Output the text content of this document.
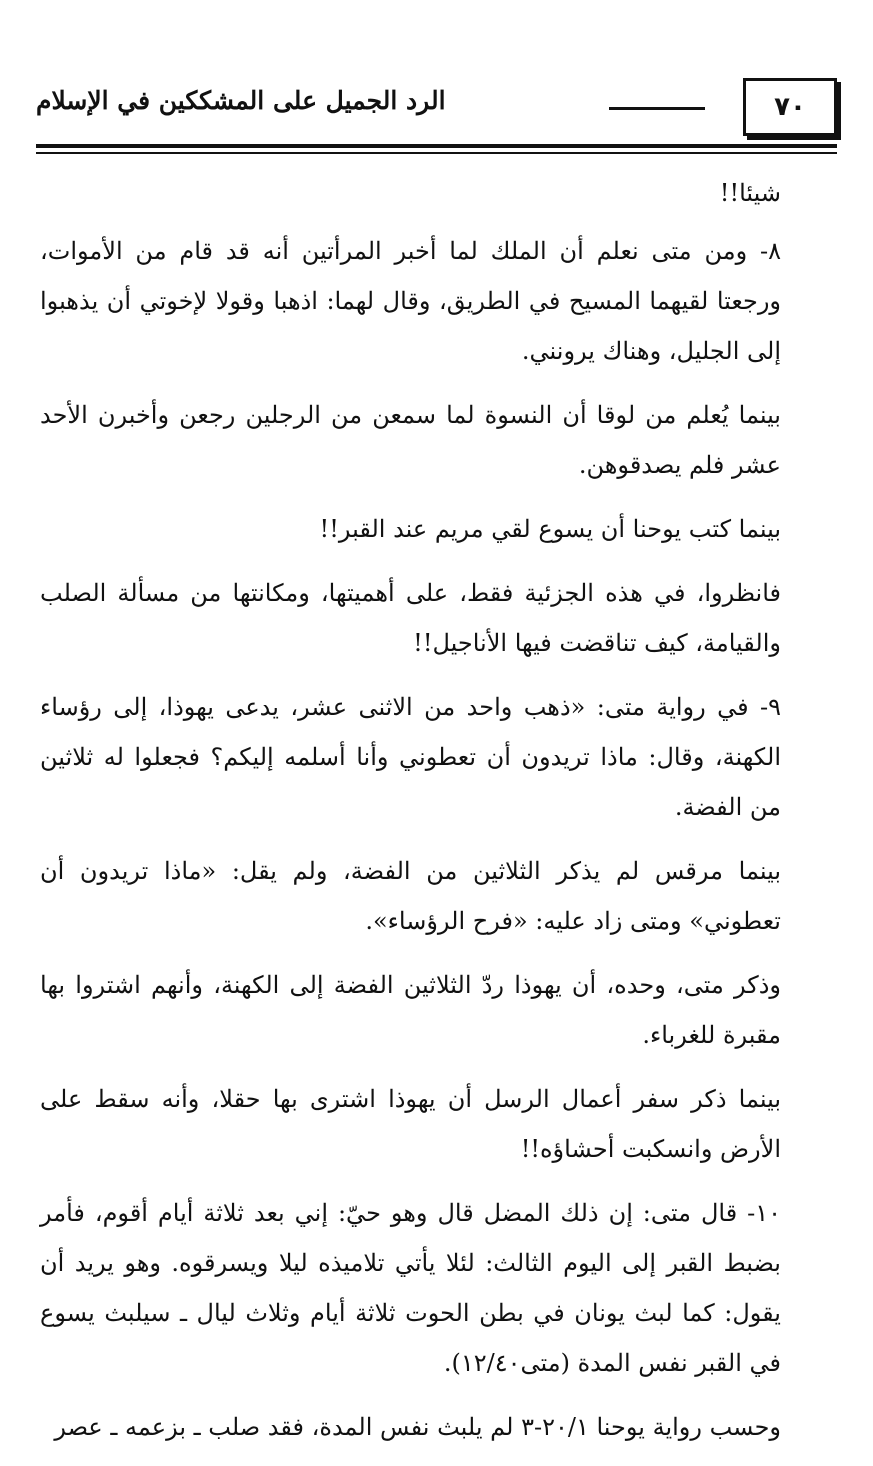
٧٠
الرد الجميل على المشككين في الإسلام

شيئا!!

٨- ومن متى نعلم أن الملك لما أخبر المرأتين أنه قد قام من الأموات، ورجعتا لقيهما المسيح في الطريق، وقال لهما: اذهبا وقولا لإخوتي أن يذهبوا إلى الجليل، وهناك يرونني.

بينما يُعلم من لوقا أن النسوة لما سمعن من الرجلين رجعن وأخبرن الأحد عشر فلم يصدقوهن.

بينما كتب يوحنا أن يسوع لقي مريم عند القبر!!

فانظروا، في هذه الجزئية فقط، على أهميتها، ومكانتها من مسألة الصلب والقيامة، كيف تناقضت فيها الأناجيل!!

٩- في رواية متى: «ذهب واحد من الاثنى عشر، يدعى يهوذا، إلى رؤساء الكهنة، وقال: ماذا تريدون أن تعطوني وأنا أسلمه إليكم؟ فجعلوا له ثلاثين من الفضة.

بينما مرقس لم يذكر الثلاثين من الفضة، ولم يقل: «ماذا تريدون أن تعطوني» ومتى زاد عليه: «فرح الرؤساء».

وذكر متى، وحده، أن يهوذا ردّ الثلاثين الفضة إلى الكهنة، وأنهم اشتروا بها مقبرة للغرباء.

بينما ذكر سفر أعمال الرسل أن يهوذا اشترى بها حقلا، وأنه سقط على الأرض وانسكبت أحشاؤه!!

١٠- قال متى: إن ذلك المضل قال وهو حيّ: إني بعد ثلاثة أيام أقوم، فأمر بضبط القبر إلى اليوم الثالث: لئلا يأتي تلاميذه ليلا ويسرقوه. وهو يريد أن يقول: كما لبث يونان في بطن الحوت ثلاثة أيام وثلاث ليال ـ سيلبث يسوع في القبر نفس المدة (متى١٢/٤٠).

وحسب رواية يوحنا ٢٠/١-٣ لم يلبث نفس المدة، فقد صلب ـ بزعمه ـ عصر
